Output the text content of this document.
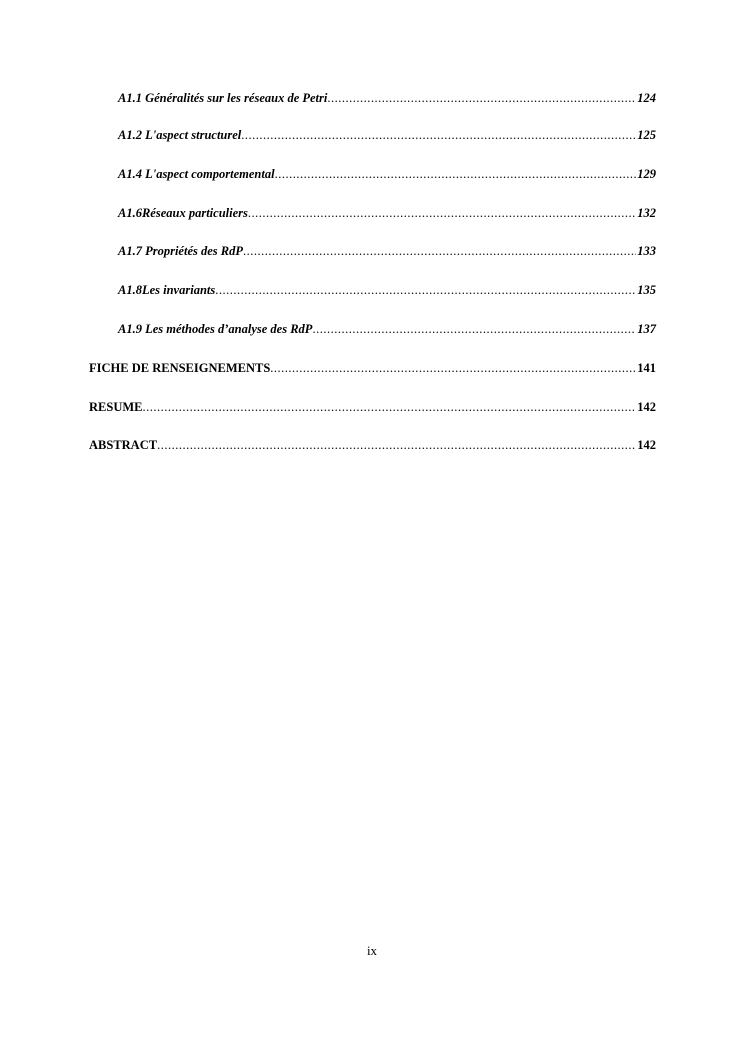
A1.1 Généralités sur les réseaux de Petri .....	124
A1.2 L'aspect structurel .....	125
A1.4 L'aspect comportemental .....	129
A1.6Réseaux particuliers .....	132
A1.7 Propriétés des RdP .....	133
A1.8Les invariants .....	135
A1.9 Les méthodes d’analyse des RdP .....	137
FICHE DE RENSEIGNEMENTS .....	141
RESUME .....	142
ABSTRACT .....	142
ix
